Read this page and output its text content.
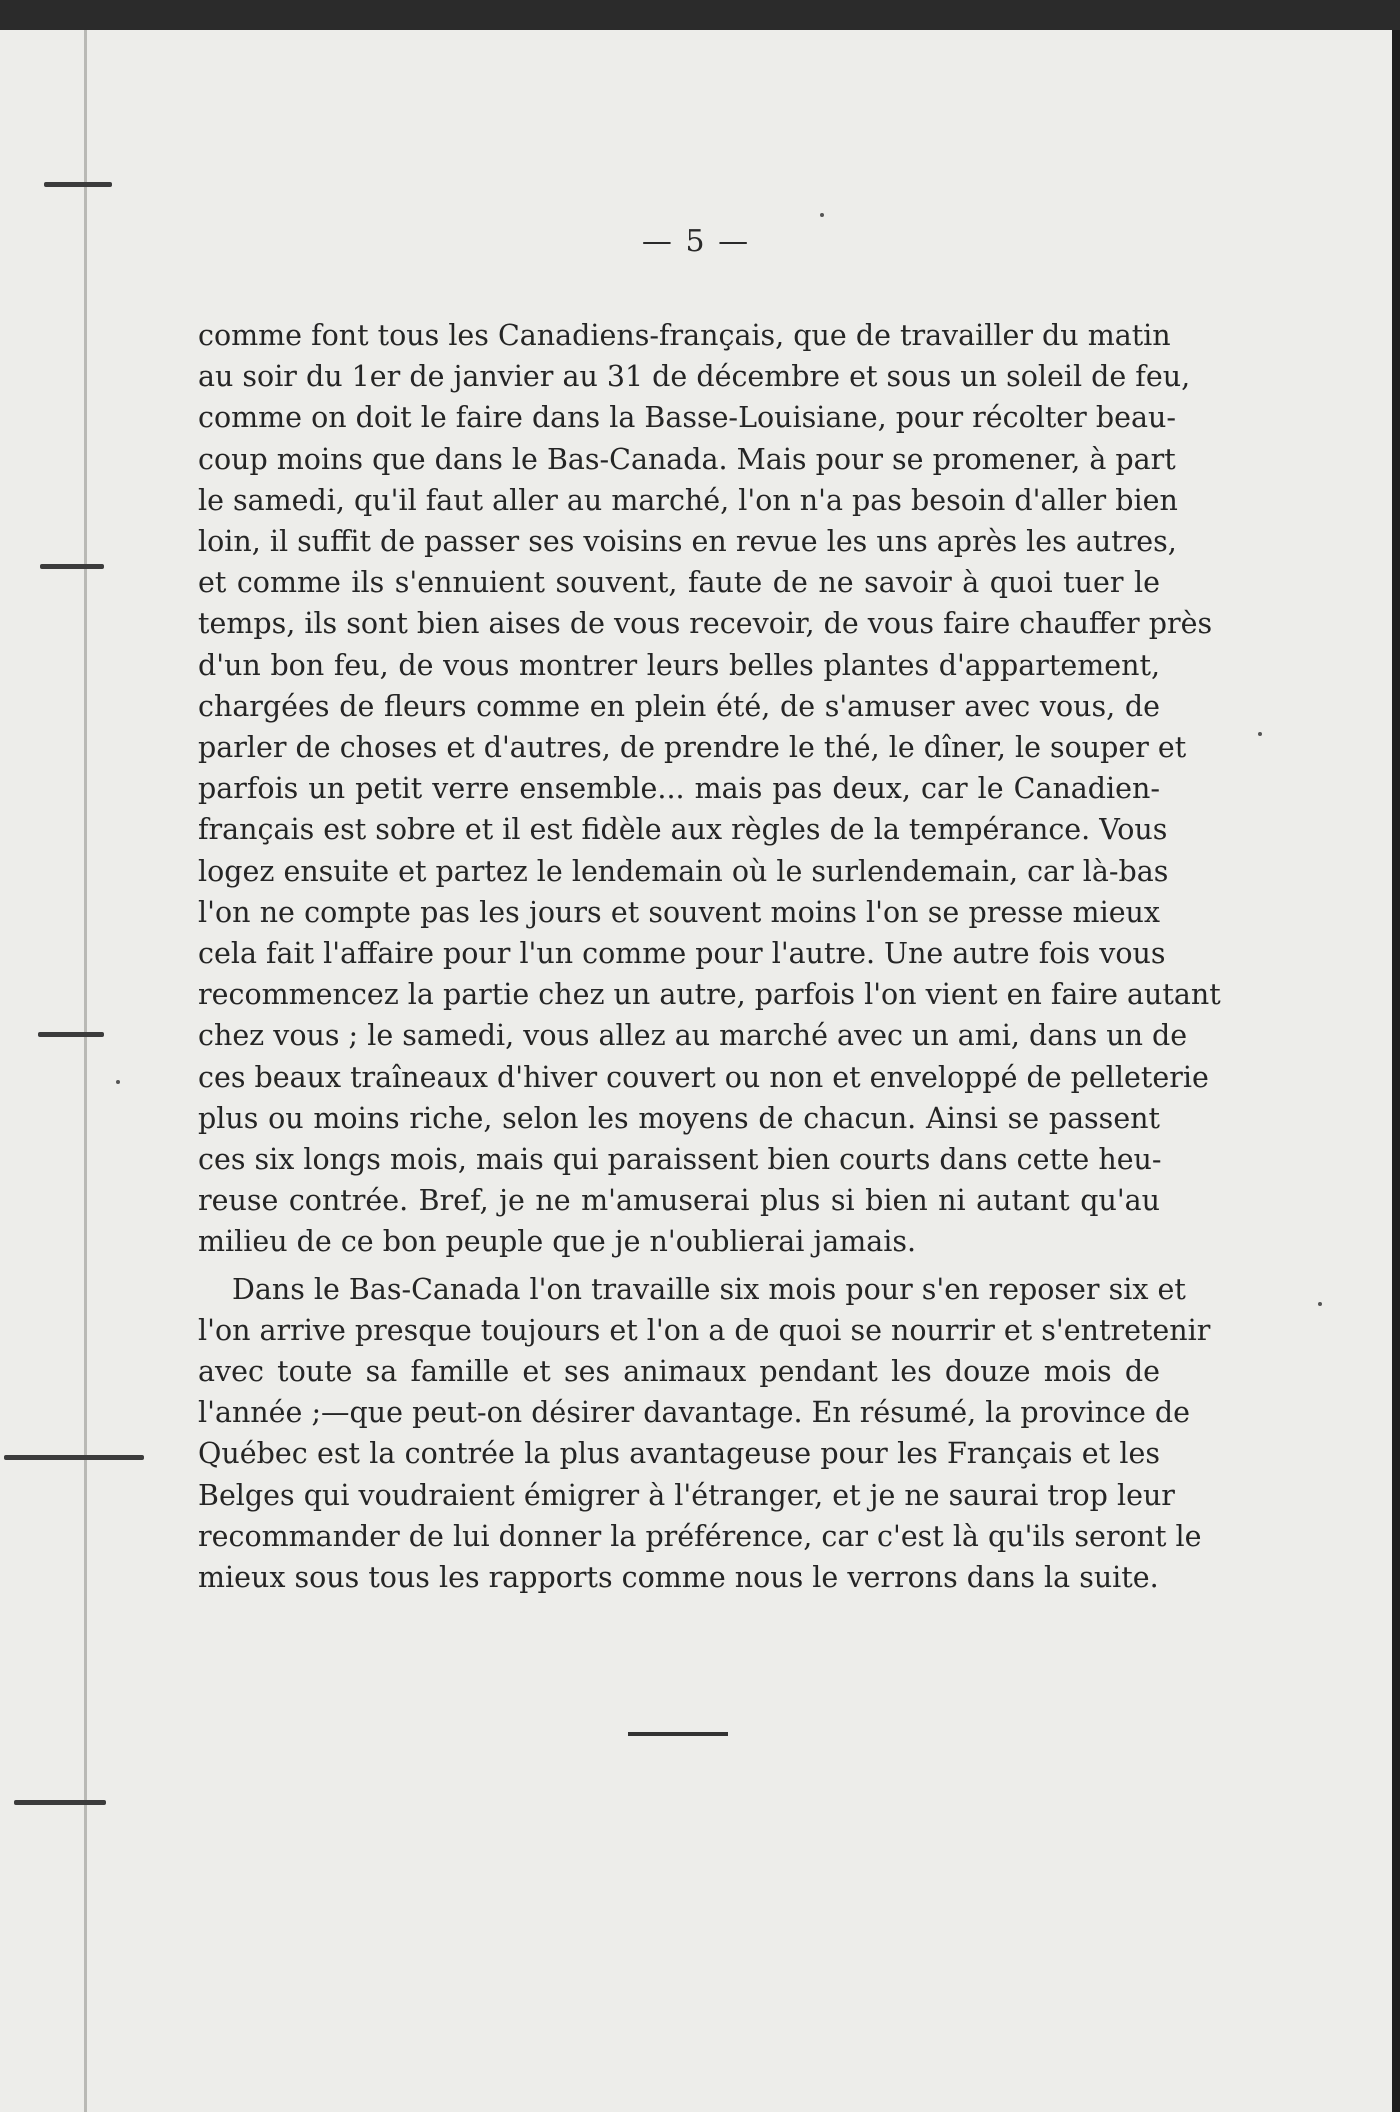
— 5 —

comme font tous les Canadiens-français, que de travailler du matin
au soir du 1er de janvier au 31 de décembre et sous un soleil de feu,
comme on doit le faire dans la Basse-Louisiane, pour récolter beau-
coup moins que dans le Bas-Canada. Mais pour se promener, à part
le samedi, qu'il faut aller au marché, l'on n'a pas besoin d'aller bien
loin, il suffit de passer ses voisins en revue les uns après les autres,
et comme ils s'ennuient souvent, faute de ne savoir à quoi tuer le
temps, ils sont bien aises de vous recevoir, de vous faire chauffer près
d'un bon feu, de vous montrer leurs belles plantes d'appartement,
chargées de fleurs comme en plein été, de s'amuser avec vous, de
parler de choses et d'autres, de prendre le thé, le dîner, le souper et
parfois un petit verre ensemble... mais pas deux, car le Canadien-
français est sobre et il est fidèle aux règles de la tempérance. Vous
logez ensuite et partez le lendemain où le surlendemain, car là-bas
l'on ne compte pas les jours et souvent moins l'on se presse mieux
cela fait l'affaire pour l'un comme pour l'autre. Une autre fois vous
recommencez la partie chez un autre, parfois l'on vient en faire autant
chez vous ; le samedi, vous allez au marché avec un ami, dans un de
ces beaux traîneaux d'hiver couvert ou non et enveloppé de pelleterie
plus ou moins riche, selon les moyens de chacun. Ainsi se passent
ces six longs mois, mais qui paraissent bien courts dans cette heu-
reuse contrée. Bref, je ne m'amuserai plus si bien ni autant qu'au
milieu de ce bon peuple que je n'oublierai jamais.

Dans le Bas-Canada l'on travaille six mois pour s'en reposer six et
l'on arrive presque toujours et l'on a de quoi se nourrir et s'entretenir
avec toute sa famille et ses animaux pendant les douze mois de
l'année ;—que peut-on désirer davantage. En résumé, la province de
Québec est la contrée la plus avantageuse pour les Français et les
Belges qui voudraient émigrer à l'étranger, et je ne saurai trop leur
recommander de lui donner la préférence, car c'est là qu'ils seront le
mieux sous tous les rapports comme nous le verrons dans la suite.
